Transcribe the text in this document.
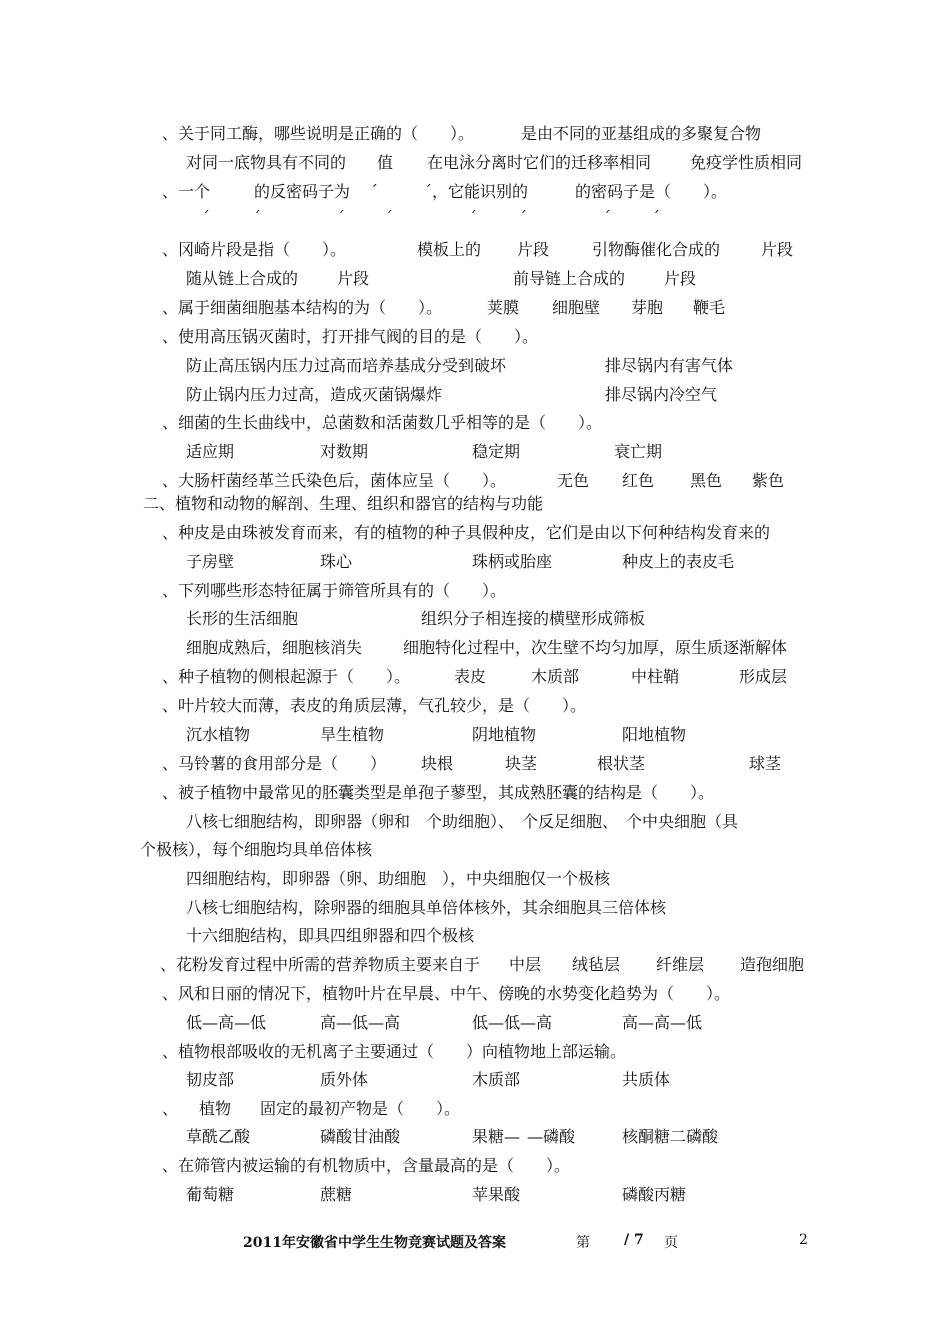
、关于同工酶，哪些说明是正确的（　　）。

	是由不同的亚基组成的多聚复合物

对同一底物具有不同的

值

在电泳分离时它们的迁移率相同

免疫学性质相同

、一个

	的反密码子为

´

	´，它能识别的

	的密码子是（　　）。

´

	´

	´

	´

	´

	´

	´

	´

、冈崎片段是指（　　）。

	模板上的

片段

	引物酶催化合成的

	片段

随从链上合成的

片段

	前导链上合成的

片段

、属于细菌细胞基本结构的为（　　）。

	荚膜

细胞壁

芽胞

鞭毛

、使用高压锅灭菌时，打开排气阀的目的是（　　）。

防止高压锅内压力过高而培养基成分受到破坏

	排尽锅内有害气体

防止锅内压力过高，造成灭菌锅爆炸

	排尽锅内冷空气

、细菌的生长曲线中，总菌数和活菌数几乎相等的是（　　）。

适应期

	对数期

	稳定期

	衰亡期

、大肠杆菌经革兰氏染色后，菌体应呈（　　）。

	无色

红色

黑色

紫色

二、植物和动物的解剖、生理、组织和器官的结构与功能

、种皮是由珠被发育而来，有的植物的种子具假种皮，它们是由以下何种结构发育来的

子房壁

	珠心

	珠柄或胎座

	种皮上的表皮毛

、下列哪些形态特征属于筛管所具有的（　　）。

长形的生活细胞

	组织分子相连接的横壁形成筛板

细胞成熟后，细胞核消失

	细胞特化过程中，次生壁不均匀加厚，原生质逐渐解体

、种子植物的侧根起源于（　　）。

	表皮

	木质部

	中柱鞘

	形成层

、叶片较大而薄，表皮的角质层薄，气孔较少，是（　　）。

沉水植物

	旱生植物

	阴地植物

	阳地植物

、马铃薯的食用部分是（　　）

块根

	块茎

	根状茎

	球茎

、被子植物中最常见的胚囊类型是单孢子蓼型，其成熟胚囊的结构是（　　）。

八核七细胞结构，即卵器（卵和　个助细胞）、　个反足细胞、　个中央细胞（具

个极核），每个细胞均具单倍体核

四细胞结构，即卵器（卵、助细胞　），中央细胞仅一个极核

八核七细胞结构，除卵器的细胞具单倍体核外，其余细胞具三倍体核

十六细胞结构，即具四组卵器和四个极核

、花粉发育过程中所需的营养物质主要来自于

中层

绒毡层

纤维层

造孢细胞

、风和日丽的情况下，植物叶片在早晨、中午、傍晚的水势变化趋势为（　　）。

低—高—低

	高—低—高

	低—低—高

	高—高—低

、植物根部吸收的无机离子主要通过（　　）向植物地上部运输。

韧皮部

	质外体

	木质部

	共质体

、

植物

固定的最初产物是（　　）。

草酰乙酸

	磷酸甘油酸

	果糖—

—磷酸

	核酮糖二磷酸

、在筛管内被运输的有机物质中，含量最高的是（　　）。

葡萄糖

	蔗糖

	苹果酸

	磷酸丙糖

2011年安徽省中学生生物竞赛试题及答案	第 / 7 页	2
